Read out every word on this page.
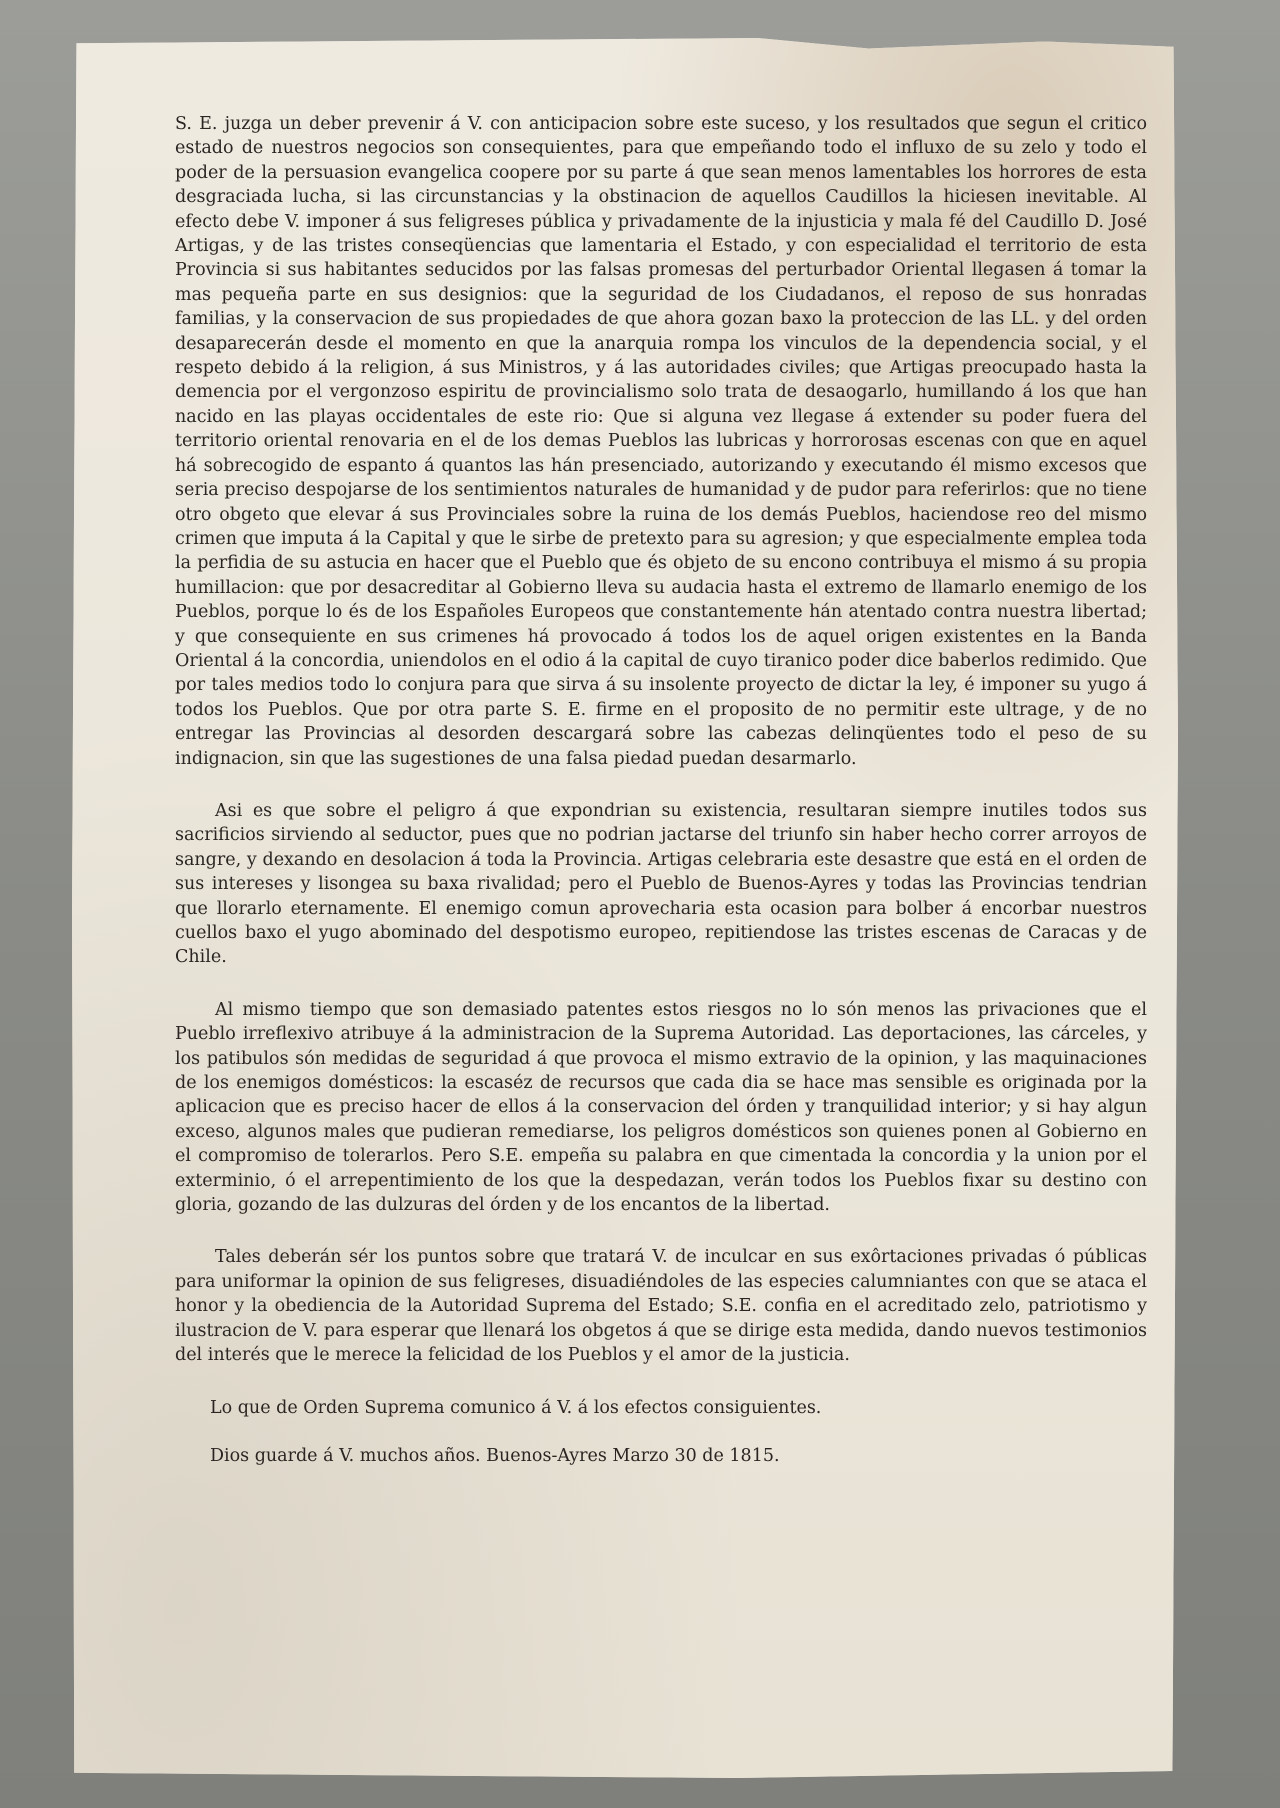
S. E. juzga un deber prevenir á V. con anticipacion sobre este suceso, y los resultados que segun el critico estado de nuestros negocios son consequientes, para que empeñando todo el influxo de su zelo y todo el poder de la persuasion evangelica coopere por su parte á que sean menos lamentables los horrores de esta desgraciada lucha, si las circunstancias y la obstinacion de aquellos Caudillos la hiciesen inevitable. Al efecto debe V. imponer á sus feligreses pública y privadamente de la injusticia y mala fé del Caudillo D. José Artigas, y de las tristes conseqüencias que lamentaria el Estado, y con especialidad el territorio de esta Provincia si sus habitantes seducidos por las falsas promesas del perturbador Oriental llegasen á tomar la mas pequeña parte en sus designios: que la seguridad de los Ciudadanos, el reposo de sus honradas familias, y la conservacion de sus propiedades de que ahora gozan baxo la proteccion de las LL. y del orden desaparecerán desde el momento en que la anarquia rompa los vinculos de la dependencia social, y el respeto debido á la religion, á sus Ministros, y á las autoridades civiles; que Artigas preocupado hasta la demencia por el vergonzoso espiritu de provincialismo solo trata de desaogarlo, humillando á los que han nacido en las playas occidentales de este rio: Que si alguna vez llegase á extender su poder fuera del territorio oriental renovaria en el de los demas Pueblos las lubricas y horrorosas escenas con que en aquel há sobrecogido de espanto á quantos las hán presenciado, autorizando y executando él mismo excesos que seria preciso despojarse de los sentimientos naturales de humanidad y de pudor para referirlos: que no tiene otro obgeto que elevar á sus Provinciales sobre la ruina de los demás Pueblos, haciendose reo del mismo crimen que imputa á la Capital y que le sirbe de pretexto para su agresion; y que especialmente emplea toda la perfidia de su astucia en hacer que el Pueblo que és objeto de su encono contribuya el mismo á su propia humillacion: que por desacreditar al Gobierno lleva su audacia hasta el extremo de llamarlo enemigo de los Pueblos, porque lo és de los Españoles Europeos que constantemente hán atentado contra nuestra libertad; y que consequiente en sus crimenes há provocado á todos los de aquel origen existentes en la Banda Oriental á la concordia, uniendolos en el odio á la capital de cuyo tiranico poder dice baberlos redimido. Que por tales medios todo lo conjura para que sirva á su insolente proyecto de dictar la ley, é imponer su yugo á todos los Pueblos. Que por otra parte S. E. firme en el proposito de no permitir este ultrage, y de no entregar las Provincias al desorden descargará sobre las cabezas delinqüentes todo el peso de su indignacion, sin que las sugestiones de una falsa piedad puedan desarmarlo.

Asi es que sobre el peligro á que expondrian su existencia, resultaran siempre inutiles todos sus sacrificios sirviendo al seductor, pues que no podrian jactarse del triunfo sin haber hecho correr arroyos de sangre, y dexando en desolacion á toda la Provincia. Artigas celebraria este desastre que está en el orden de sus intereses y lisongea su baxa rivalidad; pero el Pueblo de Buenos-Ayres y todas las Provincias tendrian que llorarlo eternamente. El enemigo comun aprovecharia esta ocasion para bolber á encorbar nuestros cuellos baxo el yugo abominado del despotismo europeo, repitiendose las tristes escenas de Caracas y de Chile.

Al mismo tiempo que son demasiado patentes estos riesgos no lo són menos las privaciones que el Pueblo irreflexivo atribuye á la administracion de la Suprema Autoridad. Las deportaciones, las cárceles, y los patibulos són medidas de seguridad á que provoca el mismo extravio de la opinion, y las maquinaciones de los enemigos domésticos: la escaséz de recursos que cada dia se hace mas sensible es originada por la aplicacion que es preciso hacer de ellos á la conservacion del órden y tranquilidad interior; y si hay algun exceso, algunos males que pudieran remediarse, los peligros domésticos son quienes ponen al Gobierno en el compromiso de tolerarlos. Pero S.E. empeña su palabra en que cimentada la concordia y la union por el exterminio, ó el arrepentimiento de los que la despedazan, verán todos los Pueblos fixar su destino con gloria, gozando de las dulzuras del órden y de los encantos de la libertad.

Tales deberán sér los puntos sobre que tratará V. de inculcar en sus exôrtaciones privadas ó públicas para uniformar la opinion de sus feligreses, disuadiéndoles de las especies calumniantes con que se ataca el honor y la obediencia de la Autoridad Suprema del Estado; S.E. confia en el acreditado zelo, patriotismo y ilustracion de V. para esperar que llenará los obgetos á que se dirige esta medida, dando nuevos testimonios del interés que le merece la felicidad de los Pueblos y el amor de la justicia.

Lo que de Orden Suprema comunico á V. á los efectos consiguientes.

Dios guarde á V. muchos años. Buenos-Ayres Marzo 30 de 1815.
